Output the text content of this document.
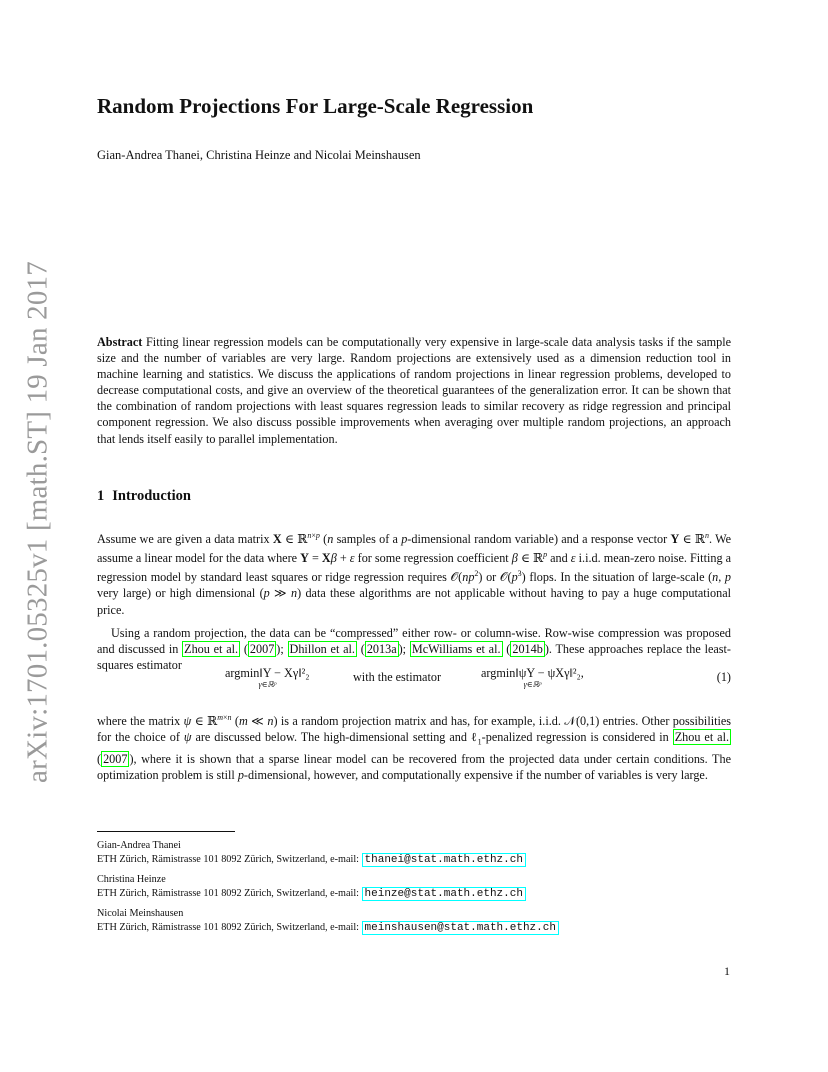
arXiv:1701.05325v1 [math.ST] 19 Jan 2017
Random Projections For Large-Scale Regression
Gian-Andrea Thanei, Christina Heinze and Nicolai Meinshausen
Abstract Fitting linear regression models can be computationally very expensive in large-scale data analysis tasks if the sample size and the number of variables are very large. Random projections are extensively used as a dimension reduction tool in machine learning and statistics. We discuss the applications of random projections in linear regression problems, developed to decrease computational costs, and give an overview of the theoretical guarantees of the generalization error. It can be shown that the combination of random projections with least squares regression leads to similar recovery as ridge regression and principal component regression. We also discuss possible improvements when averaging over multiple random projections, an approach that lends itself easily to parallel implementation.
1 Introduction

Assume we are given a data matrix X ∈ ℝ$^{n\times p}$ (n samples of a p-dimensional random variable) and a response vector Y ∈ ℝ$^n$. We assume a linear model for the data where Y = Xβ + ε for some regression coefficient β ∈ ℝ$^p$ and ε i.i.d. mean-zero noise. Fitting a regression model by standard least squares or ridge regression requires $𝒪(np^2)$ or $𝒪(p^3)$ flops. In the situation of large-scale (n, p very large) or high dimensional (p ≫ n) data these algorithms are not applicable without having to pay a huge computational price.

Using a random projection, the data can be “compressed” either row- or column-wise. Row-wise compression was proposed and discussed in Zhou et al. ( 2007 ); Dhillon et al. ( 2013a ); McWilliams et al. ( 2014b ). These approaches replace the least-squares estimator

argmin‖Y − Xγ‖²₂
γ∈ℝᵖ
with the estimator	argmin‖ψY − ψXγ‖²₂,
γ∈ℝᵖ
(1)

where the matrix ψ ∈ ℝ$^{m\times n}$ (m ≪ n) is a random projection matrix and has, for example, i.i.d. 𝒩(0,1) entries. Other possibilities for the choice of ψ are discussed below. The high-dimensional setting and ℓ$_1$-penalized regression is considered in Zhou et al. ( 2007 ), where it is shown that a sparse linear model can be recovered from the projected data under certain conditions. The optimization problem is still p-dimensional, however, and computationally expensive if the number of variables is very large.

Gian-Andrea Thanei
ETH Zürich, Rämistrasse 101 8092 Zürich, Switzerland, e-mail: thanei@stat.math.ethz.ch
Christina Heinze
ETH Zürich, Rämistrasse 101 8092 Zürich, Switzerland, e-mail: heinze@stat.math.ethz.ch
Nicolai Meinshausen
ETH Zürich, Rämistrasse 101 8092 Zürich, Switzerland, e-mail: meinshausen@stat.math.ethz.ch
1
